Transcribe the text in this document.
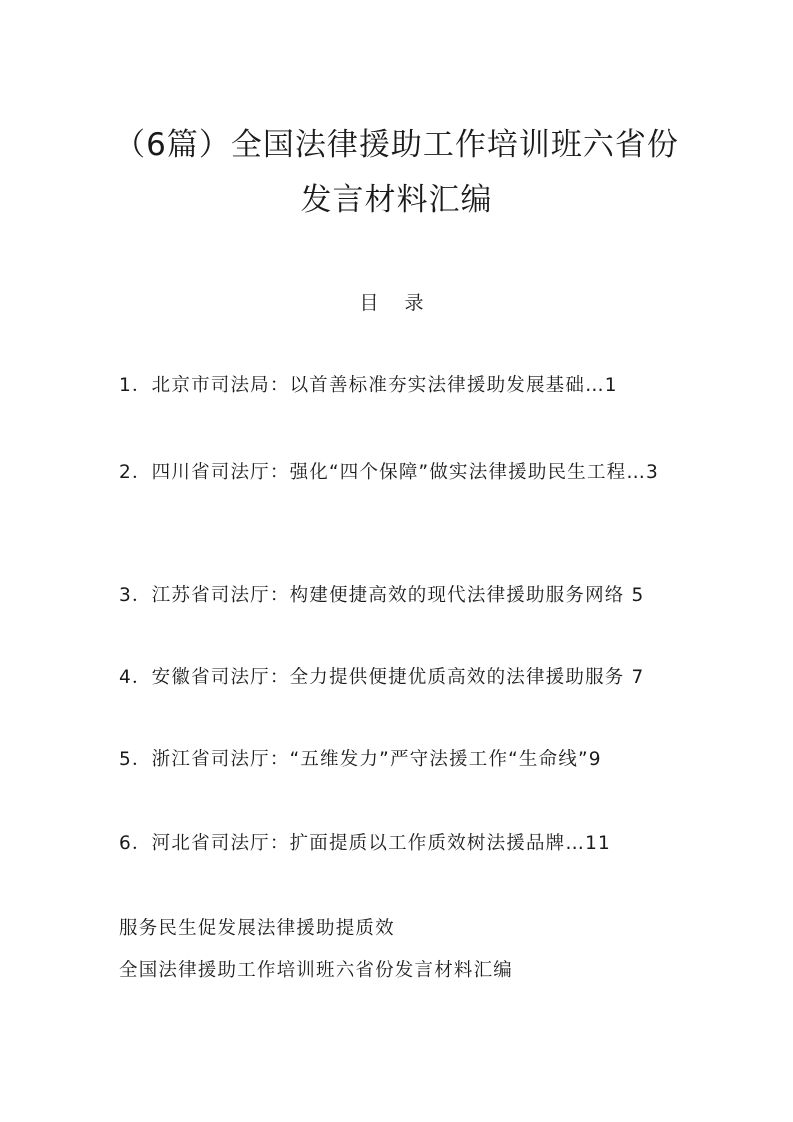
（6篇）全国法律援助工作培训班六省份发言材料汇编
目 录
1．北京市司法局：以首善标准夯实法律援助发展基础…1
2．四川省司法厅：强化“四个保障”做实法律援助民生工程…3
3．江苏省司法厅：构建便捷高效的现代法律援助服务网络 5
4．安徽省司法厅：全力提供便捷优质高效的法律援助服务 7
5．浙江省司法厅：“五维发力”严守法援工作“生命线”9
6．河北省司法厅：扩面提质以工作质效树法援品牌…11
服务民生促发展法律援助提质效
全国法律援助工作培训班六省份发言材料汇编
